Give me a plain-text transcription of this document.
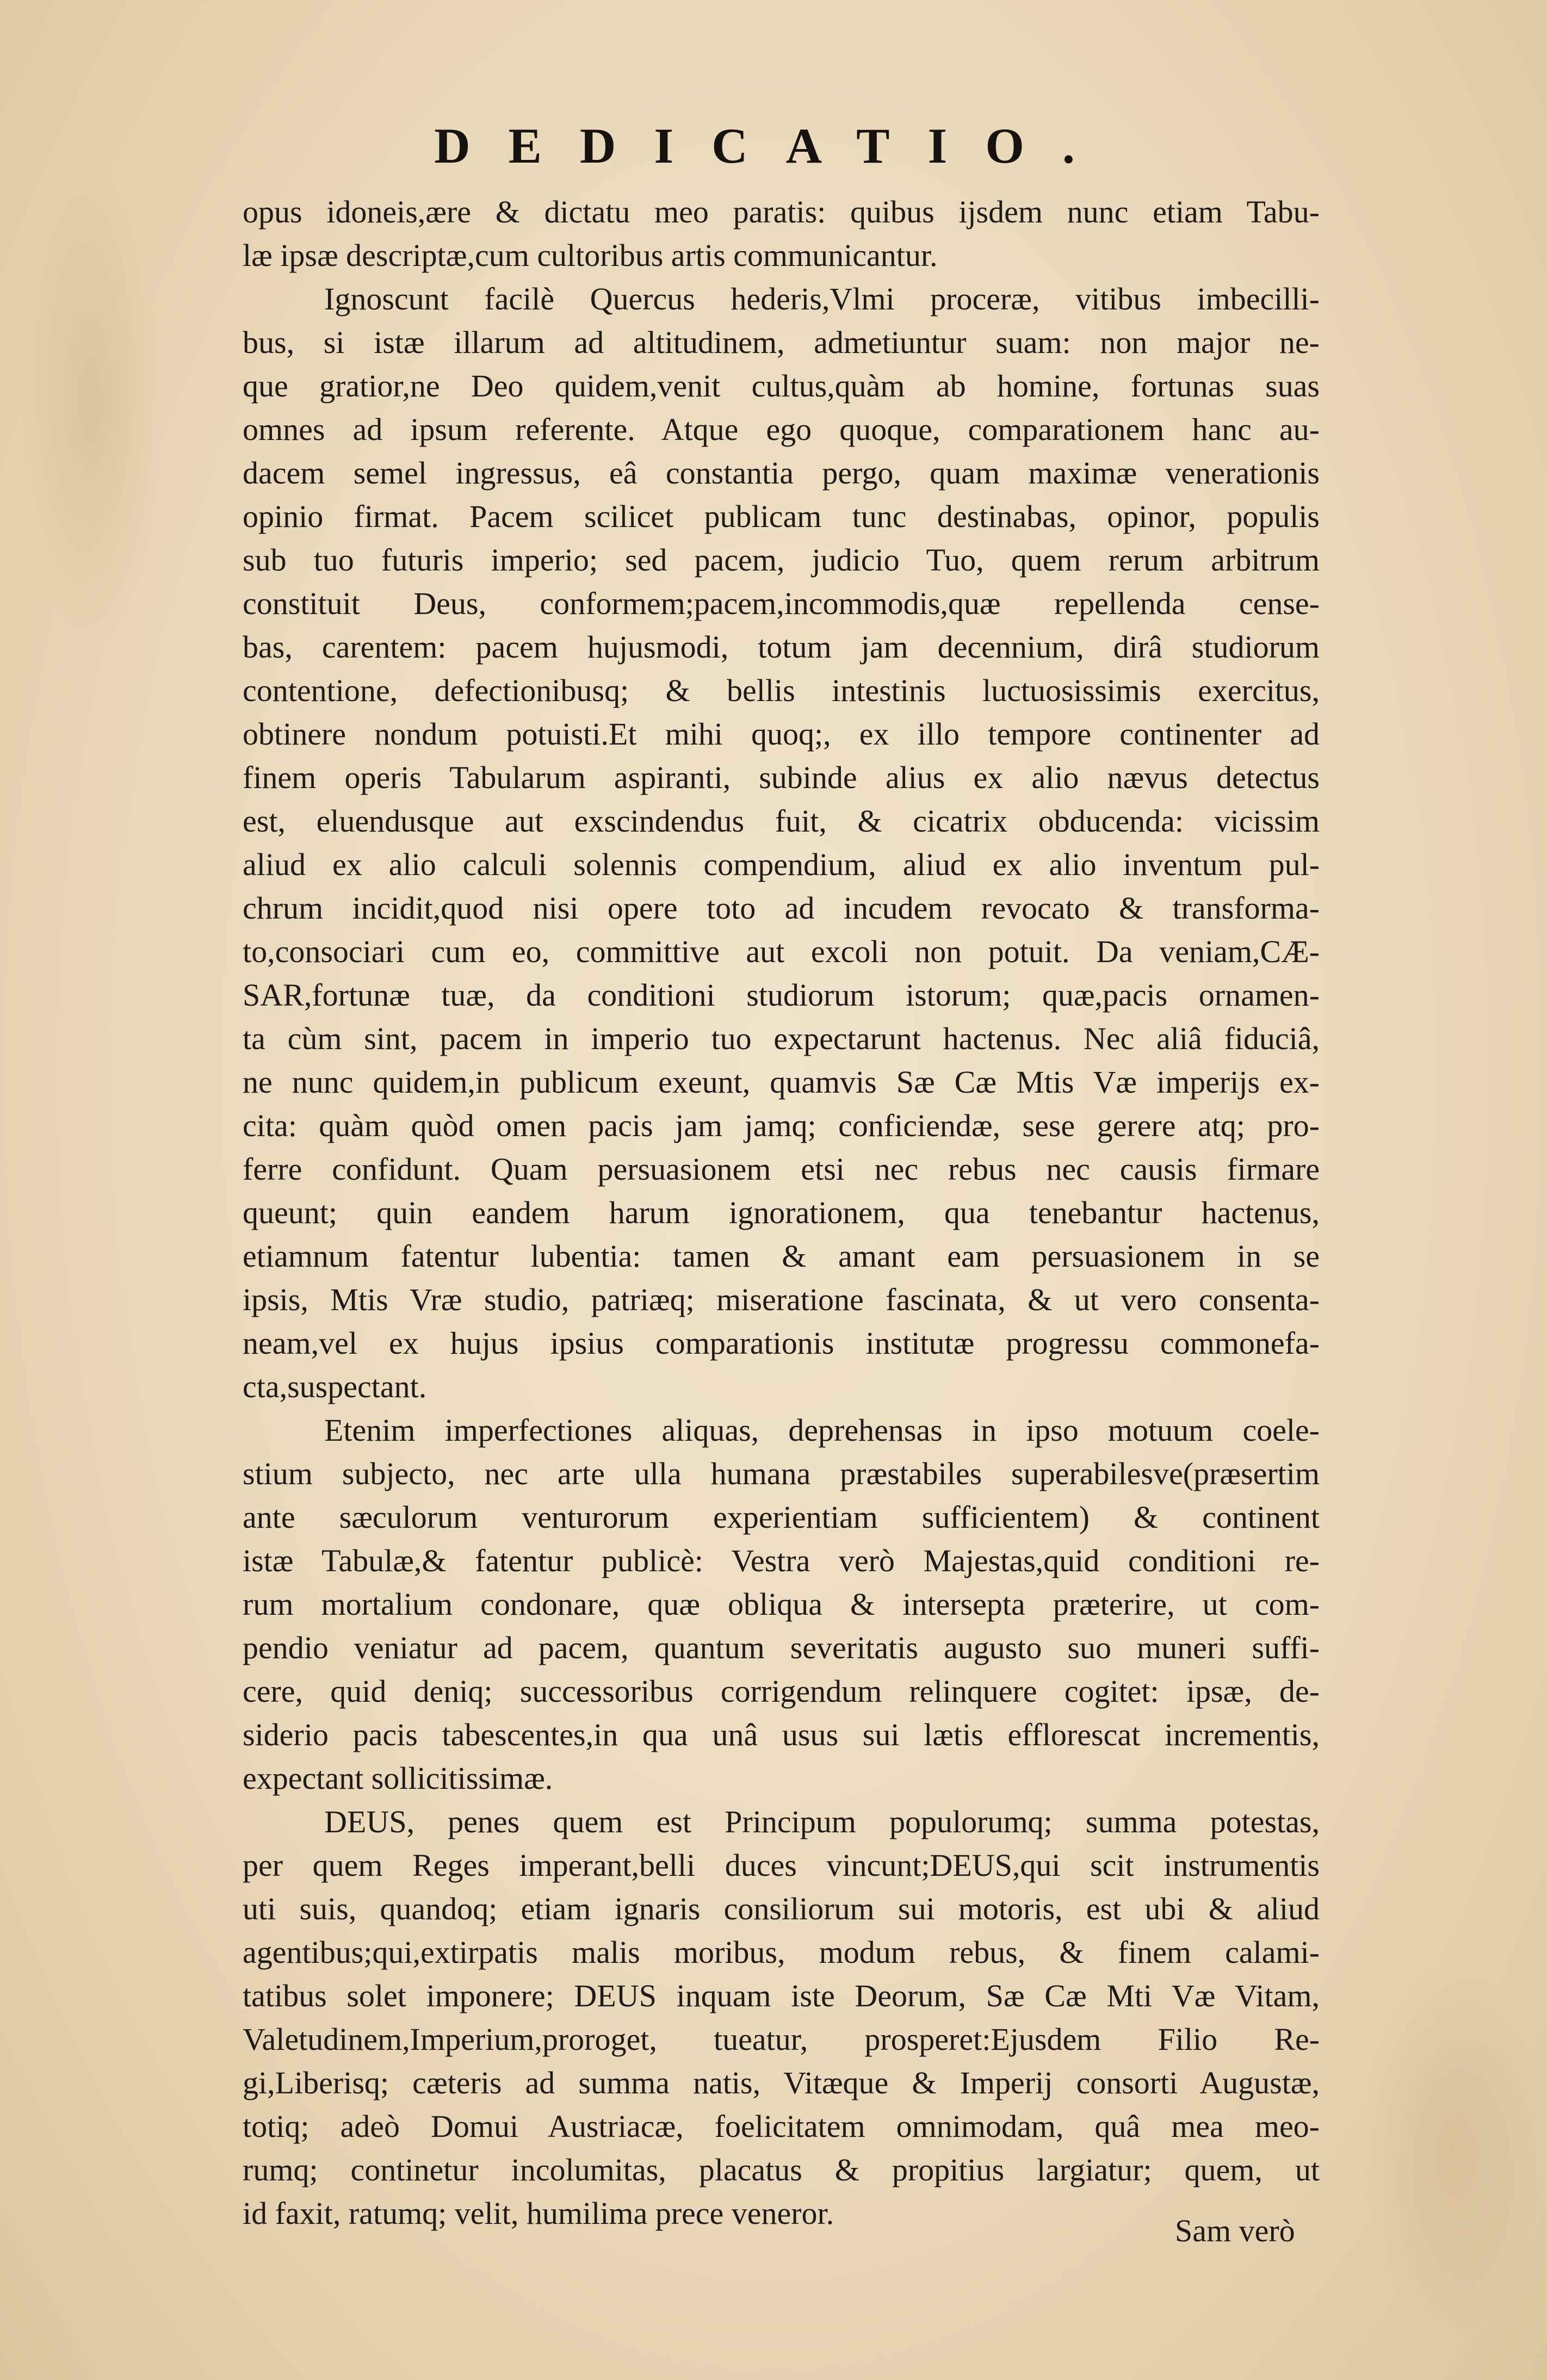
DEDICATIO.
opus idoneis,ære & dictatu meo paratis: quibus ijsdem nunc etiam Tabu-
læ ipsæ descriptæ,cum cultoribus artis communicantur.
Ignoscunt facilè Quercus hederis,Vlmi proceræ, vitibus imbecilli-
bus, si istæ illarum ad altitudinem, admetiuntur suam: non major ne-
que gratior,ne Deo quidem,venit cultus,quàm ab homine, fortunas suas
omnes ad ipsum referente. Atque ego quoque, comparationem hanc au-
dacem semel ingressus, eâ constantia pergo, quam maximæ venerationis
opinio firmat. Pacem scilicet publicam tunc destinabas, opinor, populis
sub tuo futuris imperio; sed pacem, judicio Tuo, quem rerum arbitrum
constituit Deus, conformem;pacem,incommodis,quæ repellenda cense-
bas, carentem: pacem hujusmodi, totum jam decennium, dirâ studiorum
contentione, defectionibusq; & bellis intestinis luctuosissimis exercitus,
obtinere nondum potuisti.Et mihi quoq;, ex illo tempore continenter ad
finem operis Tabularum aspiranti, subinde alius ex alio nævus detectus
est, eluendusque aut exscindendus fuit, & cicatrix obducenda: vicissim
aliud ex alio calculi solennis compendium, aliud ex alio inventum pul-
chrum incidit,quod nisi opere toto ad incudem revocato & transforma-
to,consociari cum eo, committive aut excoli non potuit. Da veniam,CÆ-
SAR,fortunæ tuæ, da conditioni studiorum istorum; quæ,pacis ornamen-
ta cùm sint, pacem in imperio tuo expectarunt hactenus. Nec aliâ fiduciâ,
ne nunc quidem,in publicum exeunt, quamvis Sæ Cæ Mtis Væ imperijs ex-
cita: quàm quòd omen pacis jam jamq; conficiendæ, sese gerere atq; pro-
ferre confidunt. Quam persuasionem etsi nec rebus nec causis firmare
queunt; quin eandem harum ignorationem, qua tenebantur hactenus,
etiamnum fatentur lubentia: tamen & amant eam persuasionem in se
ipsis, Mtis Vræ studio, patriæq; miseratione fascinata, & ut vero consenta-
neam,vel ex hujus ipsius comparationis institutæ progressu commonefa-
cta,suspectant.
Etenim imperfectiones aliquas, deprehensas in ipso motuum coele-
stium subjecto, nec arte ulla humana præstabiles superabilesve(præsertim
ante sæculorum venturorum experientiam sufficientem) & continent
istæ Tabulæ,& fatentur publicè: Vestra verò Majestas,quid conditioni re-
rum mortalium condonare, quæ obliqua & intersepta præterire, ut com-
pendio veniatur ad pacem, quantum severitatis augusto suo muneri suffi-
cere, quid deniq; successoribus corrigendum relinquere cogitet: ipsæ, de-
siderio pacis tabescentes,in qua unâ usus sui lætis efflorescat incrementis,
expectant sollicitissimæ.
DEUS, penes quem est Principum populorumq; summa potestas,
per quem Reges imperant,belli duces vincunt;DEUS,qui scit instrumentis
uti suis, quandoq; etiam ignaris consiliorum sui motoris, est ubi & aliud
agentibus;qui,extirpatis malis moribus, modum rebus, & finem calami-
tatibus solet imponere; DEUS inquam iste Deorum, Sæ Cæ Mti Væ Vitam,
Valetudinem,Imperium,proroget, tueatur, prosperet:Ejusdem Filio Re-
gi,Liberisq; cæteris ad summa natis, Vitæque & Imperij consorti Augustæ,
totiq; adeò Domui Austriacæ, foelicitatem omnimodam, quâ mea meo-
rumq; continetur incolumitas, placatus & propitius largiatur; quem, ut
id faxit, ratumq; velit, humilima prece veneror.	Sam verò
